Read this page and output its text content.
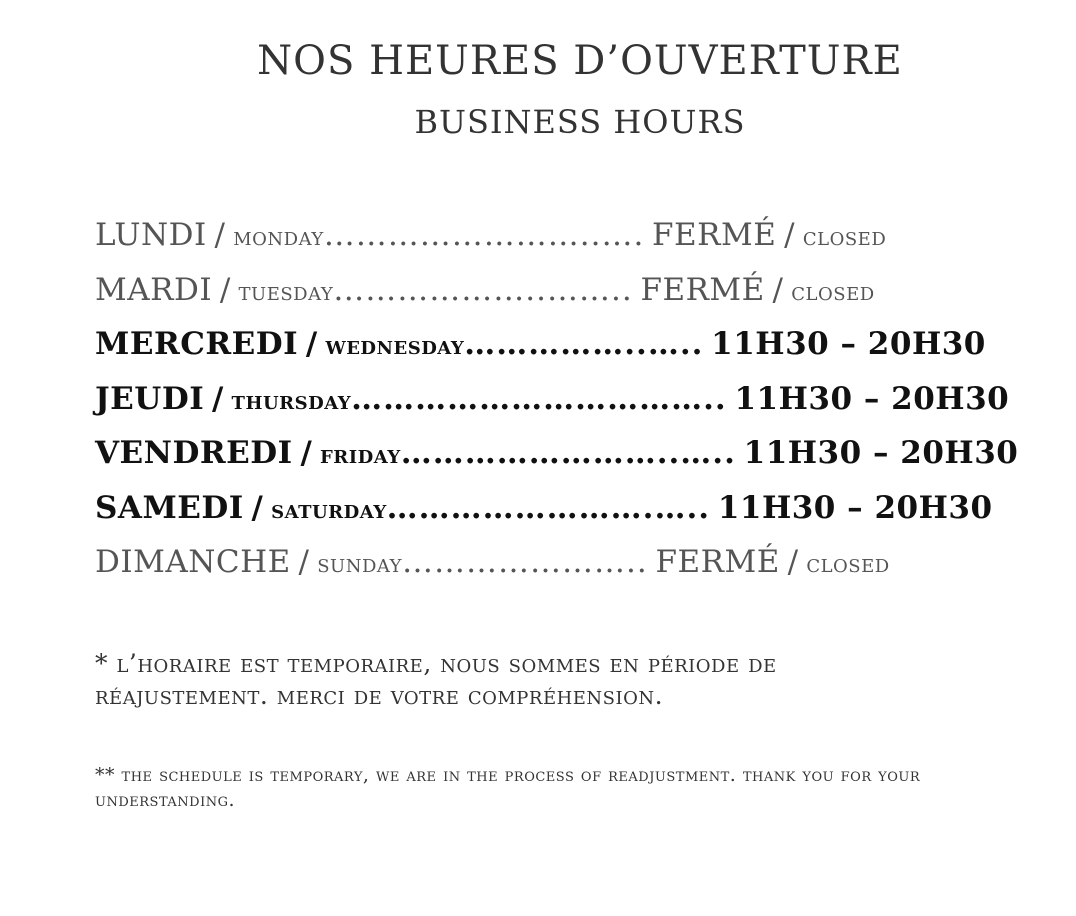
NOS HEURES D’OUVERTURE
BUSINESS HOURS
LUNDI / monday……………………..…. FERMÉ / closed
MARDI / tuesday………………..…….. FERMÉ / closed
MERCREDI / wednesday……………..….. 11H30 – 20H30
JEUDI / thursday…………………………….. 11H30 – 20H30
VENDREDI / friday……………………..….. 11H30 – 20H30
SAMEDI / saturday…………………….….. 11H30 – 20H30
DIMANCHE / sunday………………….. FERMÉ / closed
* l’horaire est temporaire, nous sommes en période de réajustement. merci de votre compréhension.
** the schedule is temporary, we are in the process of readjustment. thank you for your understanding.
